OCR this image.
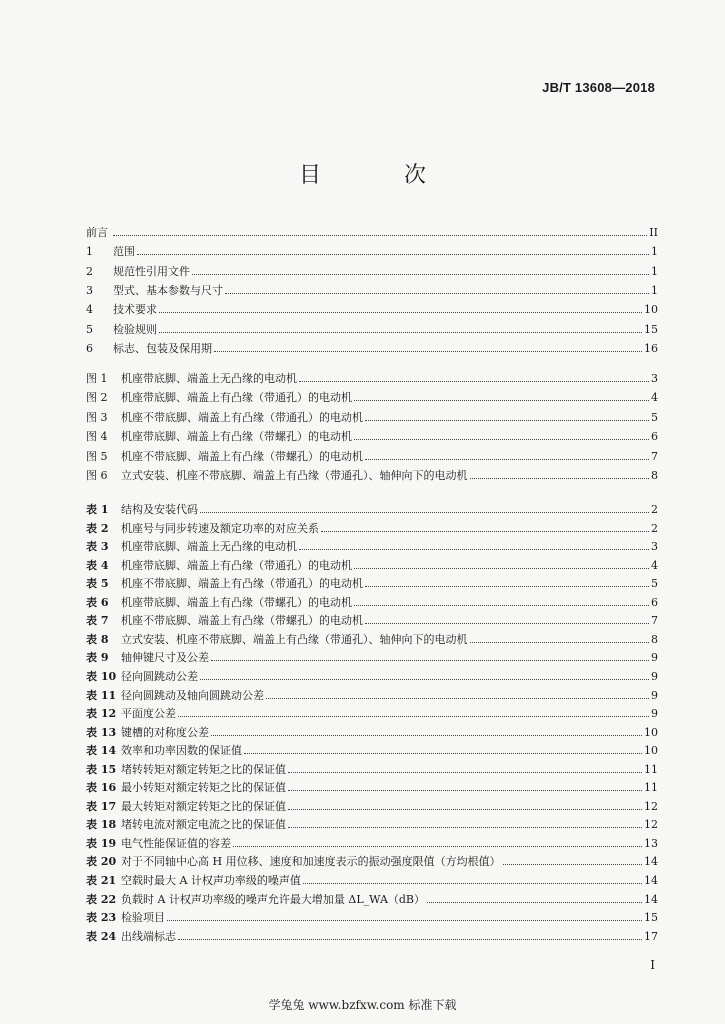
JB/T 13608—2018
目 次
前言	II
1	范围	1
2	规范性引用文件	1
3	型式、基本参数与尺寸	1
4	技术要求	10
5	检验规则	15
6	标志、包装及保用期	16
图 1	机座带底脚、端盖上无凸缘的电动机	3
图 2	机座带底脚、端盖上有凸缘（带通孔）的电动机	4
图 3	机座不带底脚、端盖上有凸缘（带通孔）的电动机	5
图 4	机座带底脚、端盖上有凸缘（带螺孔）的电动机	6
图 5	机座不带底脚、端盖上有凸缘（带螺孔）的电动机	7
图 6	立式安装、机座不带底脚、端盖上有凸缘（带通孔）、轴伸向下的电动机	8
表 1	结构及安装代码	2
表 2	机座号与同步转速及额定功率的对应关系	2
表 3	机座带底脚、端盖上无凸缘的电动机	3
表 4	机座带底脚、端盖上有凸缘（带通孔）的电动机	4
表 5	机座不带底脚、端盖上有凸缘（带通孔）的电动机	5
表 6	机座带底脚、端盖上有凸缘（带螺孔）的电动机	6
表 7	机座不带底脚、端盖上有凸缘（带螺孔）的电动机	7
表 8	立式安装、机座不带底脚、端盖上有凸缘（带通孔）、轴伸向下的电动机	8
表 9	轴伸键尺寸及公差	9
表 10 径向圆跳动公差	9
表 11 径向圆跳动及轴向圆跳动公差	9
表 12 平面度公差	9
表 13 键槽的对称度公差	10
表 14 效率和功率因数的保证值	10
表 15 堵转转矩对额定转矩之比的保证值	11
表 16 最小转矩对额定转矩之比的保证值	11
表 17 最大转矩对额定转矩之比的保证值	12
表 18 堵转电流对额定电流之比的保证值	12
表 19 电气性能保证值的容差	13
表 20 对于不同轴中心高 H 用位移、速度和加速度表示的振动强度限值（方均根值）	14
表 21 空载时最大 A 计权声功率级的噪声值	14
表 22 负载时 A 计权声功率级的噪声允许最大增加量 ΔL_WA（dB）	14
表 23 检验项目	15
表 24 出线端标志	17
I
学兔兔 www.bzfxw.com 标准下载
